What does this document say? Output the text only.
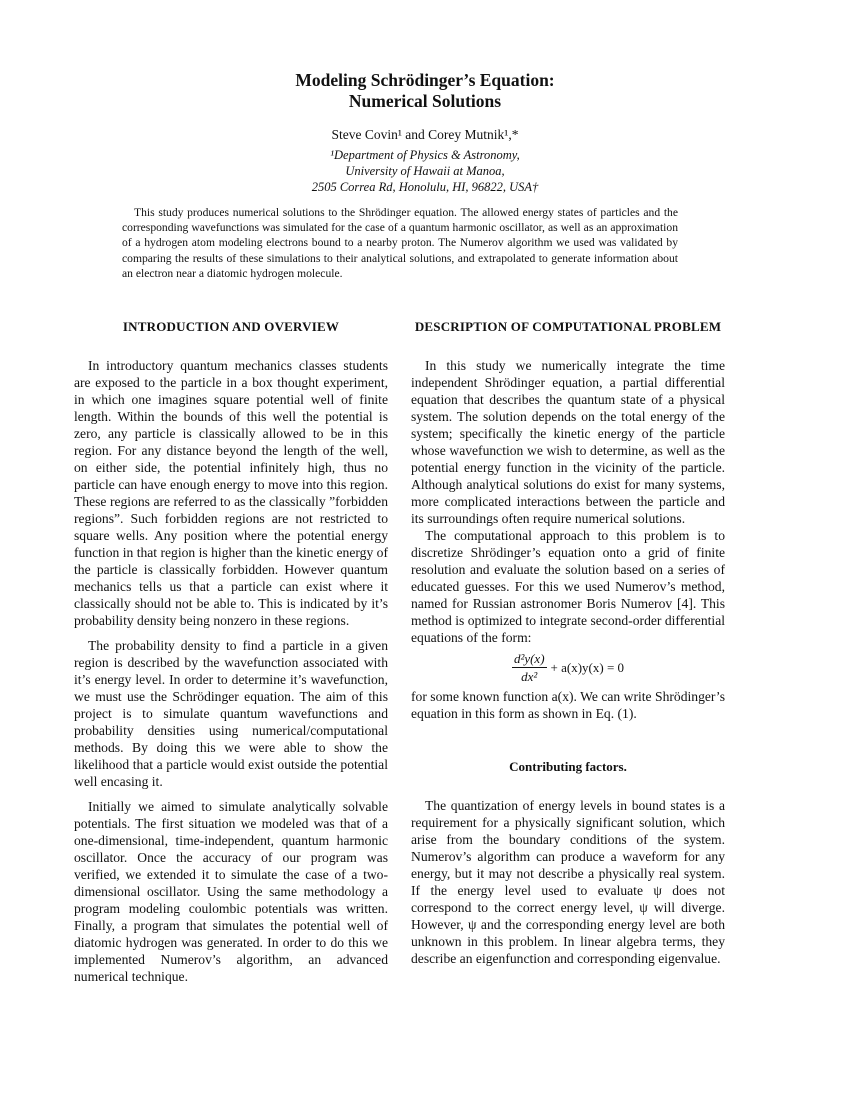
Modeling Schrödinger’s Equation:
Numerical Solutions
Steve Covin¹ and Corey Mutnik¹,*
¹Department of Physics & Astronomy,
University of Hawaii at Manoa,
2505 Correa Rd, Honolulu, HI, 96822, USA†
This study produces numerical solutions to the Shrödinger equation. The allowed energy states of particles and the corresponding wavefunctions was simulated for the case of a quantum harmonic oscillator, as well as an approximation of a hydrogen atom modeling electrons bound to a nearby proton. The Numerov algorithm we used was validated by comparing the results of these simulations to their analytical solutions, and extrapolated to generate information about an electron near a diatomic hydrogen molecule.
INTRODUCTION AND OVERVIEW

In introductory quantum mechanics classes students are exposed to the particle in a box thought experiment, in which one imagines square potential well of finite length. Within the bounds of this well the potential is zero, any particle is classically allowed to be in this region. For any distance beyond the length of the well, on either side, the potential infinitely high, thus no particle can have enough energy to move into this region. These regions are referred to as the classically ”forbidden regions”. Such forbidden regions are not restricted to square wells. Any position where the potential energy function in that region is higher than the kinetic energy of the particle is classically forbidden. However quantum mechanics tells us that a particle can exist where it classically should not be able to. This is indicated by it’s probability density being nonzero in these regions.

The probability density to find a particle in a given region is described by the wavefunction associated with it’s energy level. In order to determine it’s wavefunction, we must use the Schrödinger equation. The aim of this project is to simulate quantum wavefunctions and probability densities using numerical/computational methods. By doing this we were able to show the likelihood that a particle would exist outside the potential well encasing it.

Initially we aimed to simulate analytically solvable potentials. The first situation we modeled was that of a one-dimensional, time-independent, quantum harmonic oscillator. Once the accuracy of our program was verified, we extended it to simulate the case of a two-dimensional oscillator. Using the same methodology a program modeling coulombic potentials was written. Finally, a program that simulates the potential well of diatomic hydrogen was generated. In order to do this we implemented Numerov’s algorithm, an advanced numerical technique.

DESCRIPTION OF COMPUTATIONAL PROBLEM

In this study we numerically integrate the time independent Shrödinger equation, a partial differential equation that describes the quantum state of a physical system. The solution depends on the total energy of the system; specifically the kinetic energy of the particle whose wavefunction we wish to determine, as well as the potential energy function in the vicinity of the particle. Although analytical solutions do exist for many systems, more complicated interactions between the particle and its surroundings often require numerical solutions.

The computational approach to this problem is to discretize Shrödinger’s equation onto a grid of finite resolution and evaluate the solution based on a series of educated guesses. For this we used Numerov’s method, named for Russian astronomer Boris Numerov [4]. This method is optimized to integrate second-order differential equations of the form:

$\frac{\text{d²y(x)}}{\text{dx²}} + a(x)y(x) = 0$

for some known function a(x). We can write Shrödinger’s equation in this form as shown in Eq. (1).

Contributing factors.

The quantization of energy levels in bound states is a requirement for a physically significant solution, which arise from the boundary conditions of the system. Numerov’s algorithm can produce a waveform for any energy, but it may not describe a physically real system. If the energy level used to evaluate ψ does not correspond to the correct energy level, ψ will diverge. However, ψ and the corresponding energy level are both unknown in this problem. In linear algebra terms, they describe an eigenfunction and corresponding eigenvalue.
